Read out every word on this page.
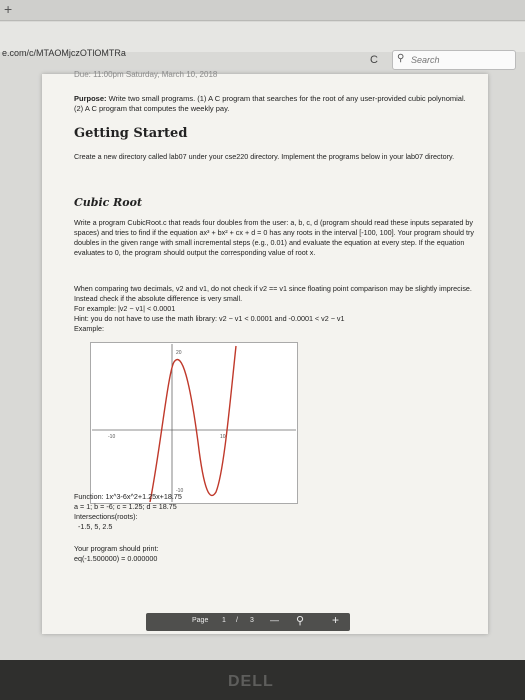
+
e.com/c/MTAOMjczOTlOMTRa
C ⚲
Search
Due: 11:00pm Saturday, March 10, 2018
Purpose: Write two small programs. (1) A C program that searches for the root of any user-provided cubic polynomial. (2) A C program that computes the weekly pay.
Getting Started
Create a new directory called lab07 under your cse220 directory. Implement the programs below in your lab07 directory.
Cubic Root
Write a program CubicRoot.c that reads four doubles from the user: a, b, c, d (program should read these inputs separated by spaces) and tries to find if the equation ax³ + bx² + cx + d = 0 has any roots in the interval [-100, 100]. Your program should try doubles in the given range with small incremental steps (e.g., 0.01) and evaluate the equation at every step. If the equation evaluates to 0, the program should output the corresponding value of root x.
When comparing two decimals, v2 and v1, do not check if v2 == v1 since floating point comparison may be slightly imprecise. Instead check if the absolute difference is very small.
For example: |v2 − v1| < 0.0001
Hint: you do not have to use the math library: v2 − v1 < 0.0001 and -0.0001 < v2 − v1
Example:
20
-10	10
-10
Function: 1x^3-6x^2+1.25x+18.75
a = 1; b = -6; c = 1.25; d = 18.75
Intersections(roots):
-1.5, 5, 2.5
Your program should print:
eq(-1.500000) = 0.000000
Page 1 / 3 — ⚲ +
DELL
